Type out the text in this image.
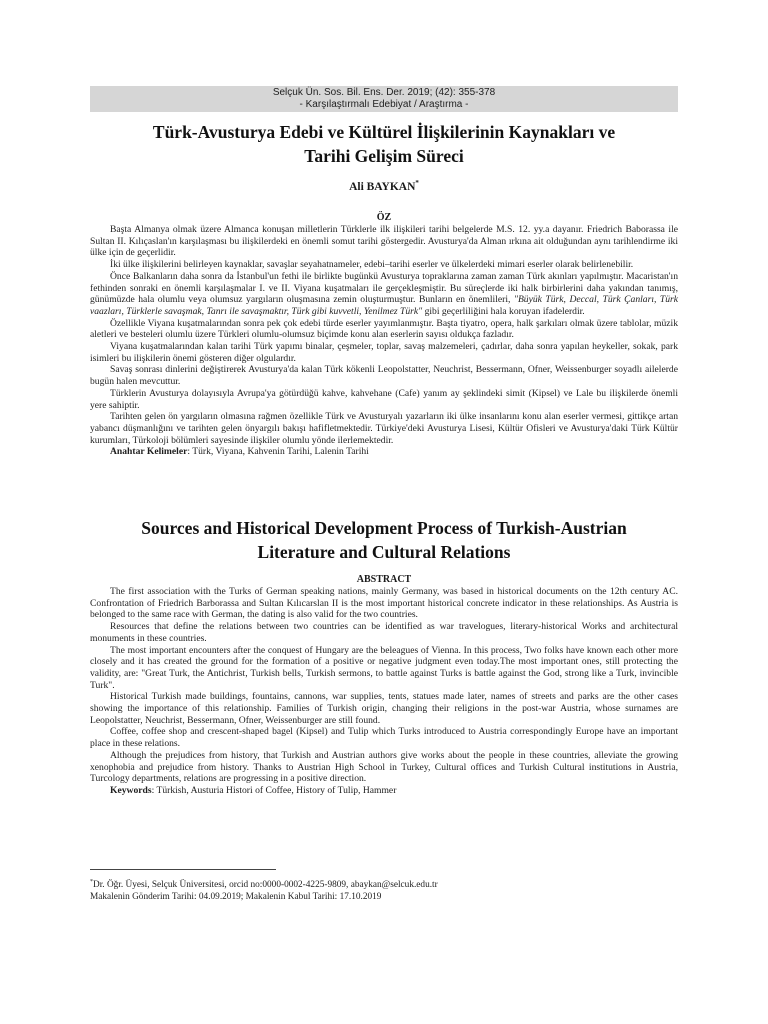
Selçuk Ün. Sos. Bil. Ens. Der. 2019; (42): 355-378
- Karşılaştırmalı Edebiyat / Araştırma -
Türk-Avusturya Edebi ve Kültürel İlişkilerinin Kaynakları ve
Tarihi Gelişim Süreci
Ali BAYKAN*
ÖZ

Başta Almanya olmak üzere Almanca konuşan milletlerin Türklerle ilk ilişkileri tarihi belgelerde M.S. 12. yy.a dayanır. Friedrich Baborassa ile Sultan II. Kılıçaslan'ın karşılaşması bu ilişkilerdeki en önemli somut tarihi göstergedir. Avusturya'da Alman ırkına ait olduğundan aynı tarihlendirme iki ülke için de geçerlidir.

İki ülke ilişkilerini belirleyen kaynaklar, savaşlar seyahatnameler, edebi–tarihi eserler ve ülkelerdeki mimari eserler olarak belirlenebilir.

Önce Balkanların daha sonra da İstanbul'un fethi ile birlikte bugünkü Avusturya topraklarına zaman zaman Türk akınları yapılmıştır. Macaristan'ın fethinden sonraki en önemli karşılaşmalar I. ve II. Viyana kuşatmaları ile gerçekleşmiştir. Bu süreçlerde iki halk birbirlerini daha yakından tanımış, günümüzde hala olumlu veya olumsuz yargıların oluşmasına zemin oluşturmuştur. Bunların en önemlileri, "Büyük Türk, Deccal, Türk Çanları, Türk vaazları, Türklerle savaşmak, Tanrı ile savaşmaktır, Türk gibi kuvvetli, Yenilmez Türk" gibi geçerliliğini hala koruyan ifadelerdir.

Özellikle Viyana kuşatmalarından sonra pek çok edebi türde eserler yayımlanmıştır. Başta tiyatro, opera, halk şarkıları olmak üzere tablolar, müzik aletleri ve besteleri olumlu üzere Türkleri olumlu-olumsuz biçimde konu alan eserlerin sayısı oldukça fazladır.

Viyana kuşatmalarından kalan tarihi Türk yapımı binalar, çeşmeler, toplar, savaş malzemeleri, çadırlar, daha sonra yapılan heykeller, sokak, park isimleri bu ilişkilerin önemi gösteren diğer olgulardır.

Savaş sonrası dinlerini değiştirerek Avusturya'da kalan Türk kökenli Leopolstatter, Neuchrist, Bessermann, Ofner, Weissenburger soyadlı ailelerde bugün halen mevcuttur.

Türklerin Avusturya dolayısıyla Avrupa'ya götürdüğü kahve, kahvehane (Cafe) yanım ay şeklindeki simit (Kipsel) ve Lale bu ilişkilerde önemli yere sahiptir.

Tarihten gelen ön yargıların olmasına rağmen özellikle Türk ve Avusturyalı yazarların iki ülke insanlarını konu alan eserler vermesi, gittikçe artan yabancı düşmanlığını ve tarihten gelen önyargılı bakışı hafifletmektedir. Türkiye'deki Avusturya Lisesi, Kültür Ofisleri ve Avusturya'daki Türk Kültür kurumları, Türkoloji bölümleri sayesinde ilişkiler olumlu yönde ilerlemektedir.

Anahtar Kelimeler: Türk, Viyana, Kahvenin Tarihi, Lalenin Tarihi

Sources and Historical Development Process of Turkish-Austrian
Literature and Cultural Relations
ABSTRACT

The first association with the Turks of German speaking nations, mainly Germany, was based in historical documents on the 12th century AC. Confrontation of Friedrich Barborassa and Sultan Kılıcarslan II is the most important historical concrete indicator in these relationships. As Austria is belonged to the same race with German, the dating is also valid for the two countries.

Resources that define the relations between two countries can be identified as war travelogues, literary-historical Works and architectural monuments in these countries.

The most important encounters after the conquest of Hungary are the beleagues of Vienna. In this process, Two folks have known each other more closely and it has created the ground for the formation of a positive or negative judgment even today.The most important ones, still protecting the validity, are: "Great Turk, the Antichrist, Turkish bells, Turkish sermons, to battle against Turks is battle against the God, strong like a Turk, invincible Turk".

Historical Turkish made buildings, fountains, cannons, war supplies, tents, statues made later, names of streets and parks are the other cases showing the importance of this relationship. Families of Turkish origin, changing their religions in the post-war Austria, whose surnames are Leopolstatter, Neuchrist, Bessermann, Ofner, Weissenburger are still found.

Coffee, coffee shop and crescent-shaped bagel (Kipsel) and Tulip which Turks introduced to Austria correspondingly Europe have an important place in these relations.

Although the prejudices from history, that Turkish and Austrian authors give works about the people in these countries, alleviate the growing xenophobia and prejudice from history. Thanks to Austrian High School in Turkey, Cultural offices and Turkish Cultural institutions in Austria, Turcology departments, relations are progressing in a positive direction.

Keywords: Türkish, Austuria Histori of Coffee, History of Tulip, Hammer

*Dr. Öğr. Üyesi, Selçuk Üniversitesi, orcid no:0000-0002-4225-9809, abaykan@selcuk.edu.tr
Makalenin Gönderim Tarihi: 04.09.2019; Makalenin Kabul Tarihi: 17.10.2019
